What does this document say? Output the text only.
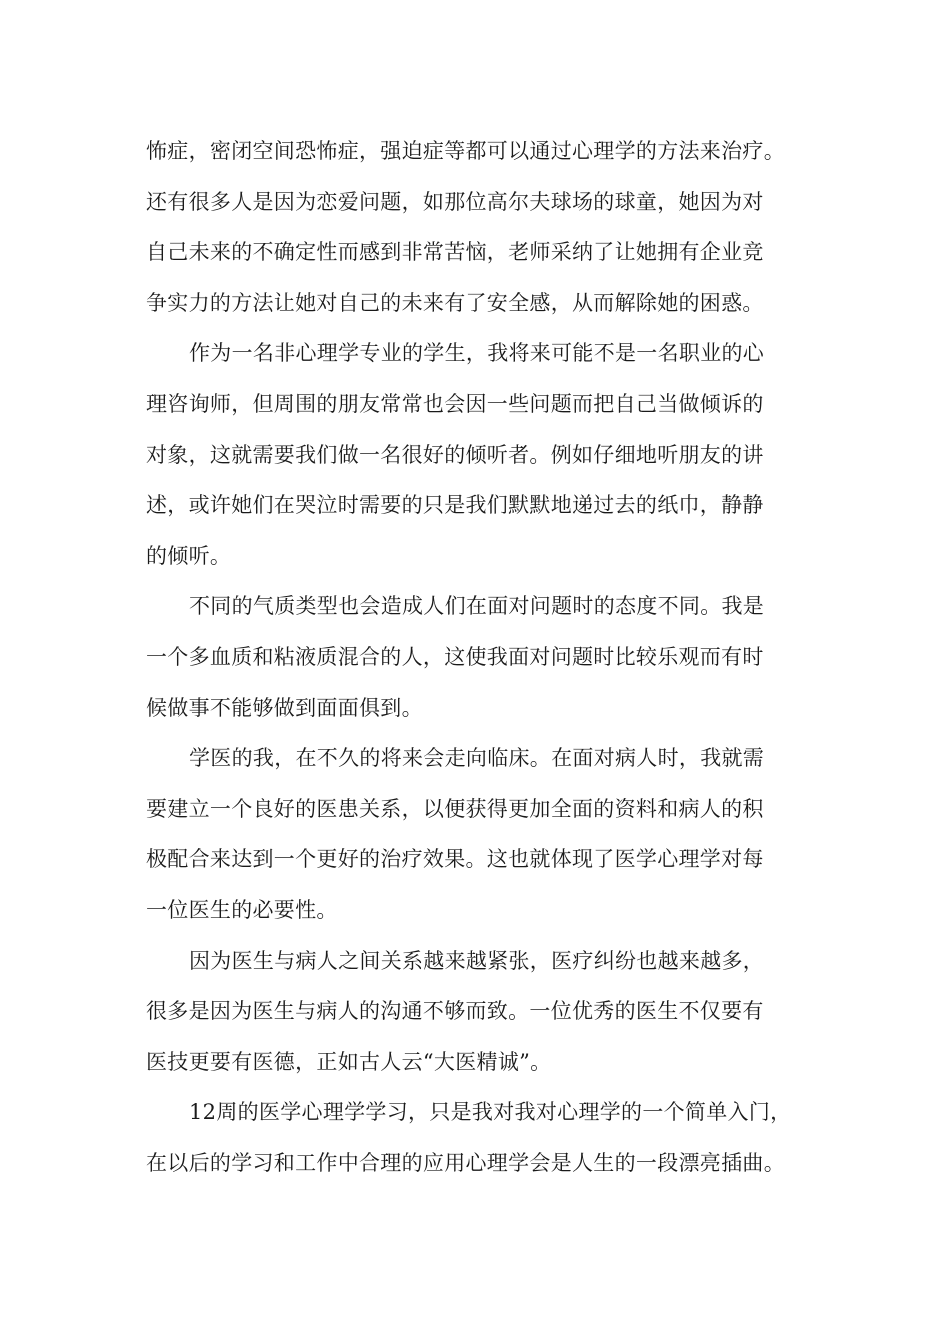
怖症，密闭空间恐怖症，强迫症等都可以通过心理学的方法来治疗。
还有很多人是因为恋爱问题，如那位高尔夫球场的球童，她因为对
自己未来的不确定性而感到非常苦恼，老师采纳了让她拥有企业竞
争实力的方法让她对自己的未来有了安全感，从而解除她的困惑。
作为一名非心理学专业的学生，我将来可能不是一名职业的心
理咨询师，但周围的朋友常常也会因一些问题而把自己当做倾诉的
对象，这就需要我们做一名很好的倾听者。例如仔细地听朋友的讲
述，或许她们在哭泣时需要的只是我们默默地递过去的纸巾，静静
的倾听。
不同的气质类型也会造成人们在面对问题时的态度不同。我是
一个多血质和粘液质混合的人，这使我面对问题时比较乐观而有时
候做事不能够做到面面俱到。
学医的我，在不久的将来会走向临床。在面对病人时，我就需
要建立一个良好的医患关系，以便获得更加全面的资料和病人的积
极配合来达到一个更好的治疗效果。这也就体现了医学心理学对每
一位医生的必要性。
因为医生与病人之间关系越来越紧张，医疗纠纷也越来越多，
很多是因为医生与病人的沟通不够而致。一位优秀的医生不仅要有
医技更要有医德，正如古人云“大医精诚”。
12周的医学心理学学习，只是我对我对心理学的一个简单入门，
在以后的学习和工作中合理的应用心理学会是人生的一段漂亮插曲。
